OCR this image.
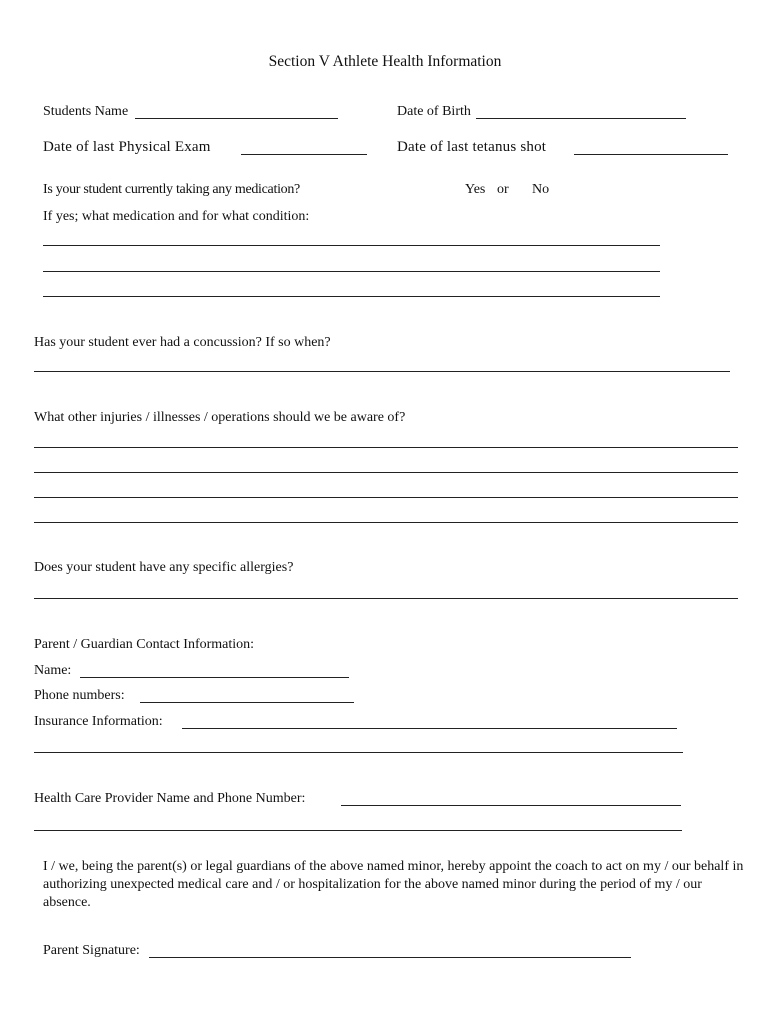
Section V Athlete Health Information
Students Name	Date of Birth
Date of last Physical Exam	Date of last tetanus shot
Is your student currently taking any medication?	Yes or No
If yes; what medication and for what condition:
Has your student ever had a concussion? If so when?
What other injuries / illnesses / operations should we be aware of?
Does your student have any specific allergies?
Parent / Guardian Contact Information:
Name:
Phone numbers:
Insurance Information:
Health Care Provider Name and Phone Number:
I / we, being the parent(s) or legal guardians of the above named minor, hereby appoint the coach to act on my / our behalf in authorizing unexpected medical care and / or hospitalization for the above named minor during the period of my / our absence.
Parent Signature:
